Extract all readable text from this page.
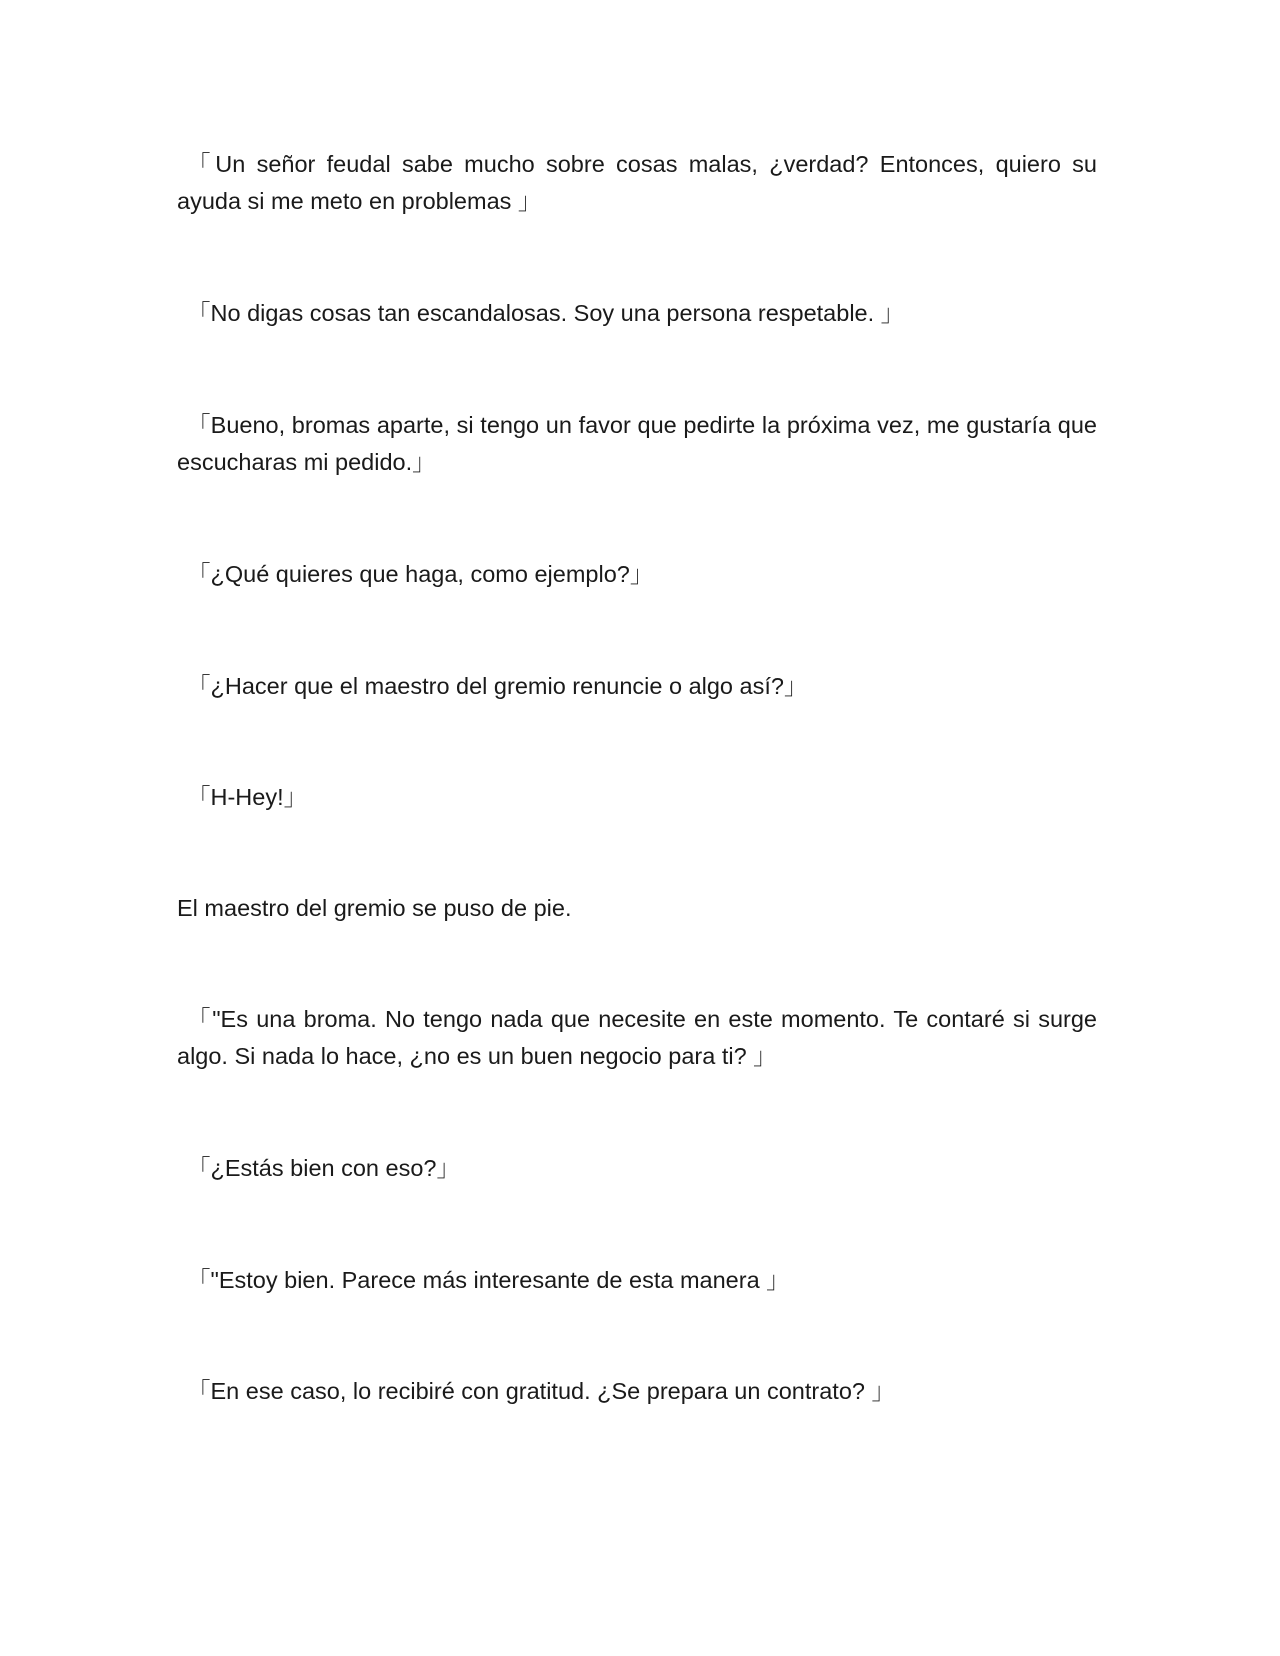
「Un señor feudal sabe mucho sobre cosas malas, ¿verdad? Entonces, quiero su ayuda si me meto en problemas 」

「No digas cosas tan escandalosas. Soy una persona respetable. 」

「Bueno, bromas aparte, si tengo un favor que pedirte la próxima vez, me gustaría que escucharas mi pedido.」

「¿Qué quieres que haga, como ejemplo?」

「¿Hacer que el maestro del gremio renuncie o algo así?」

「H-Hey!」

El maestro del gremio se puso de pie.

「"Es una broma. No tengo nada que necesite en este momento. Te contaré si surge algo. Si nada lo hace, ¿no es un buen negocio para ti? 」

「¿Estás bien con eso?」

「"Estoy bien. Parece más interesante de esta manera 」

「En ese caso, lo recibiré con gratitud. ¿Se prepara un contrato? 」
